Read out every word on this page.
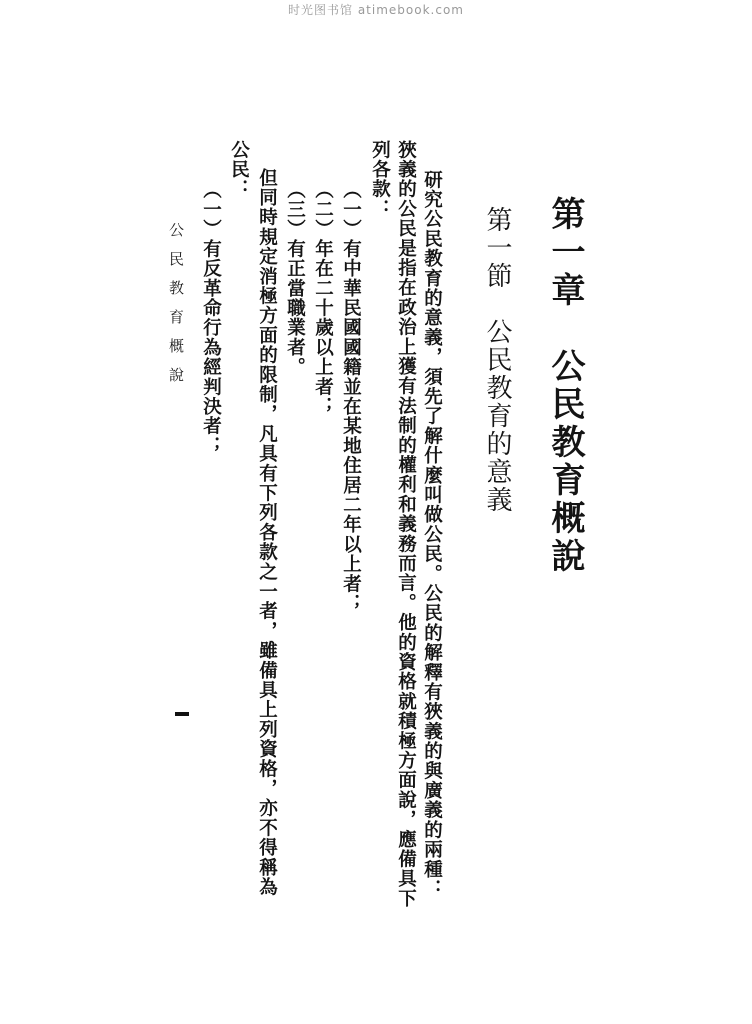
时光图书馆 atimebook.com
第一章　公民教育概說
第一節　公民教育的意義
研究公民教育的意義，須先了解什麼叫做公民。公民的解釋有狹義的與廣義的兩種：
狹義的公民是指在政治上獲有法制的權利和義務而言。他的資格就積極方面說，應備具下
列各款：
（一）有中華民國國籍並在某地住居二年以上者；
（二）年在二十歲以上者；
（三）有正當職業者。
但同時規定消極方面的限制，凡具有下列各款之一者，雖備具上列資格，亦不得稱為
公民：
（一）有反革命行為經判決者；
公民教育概說
